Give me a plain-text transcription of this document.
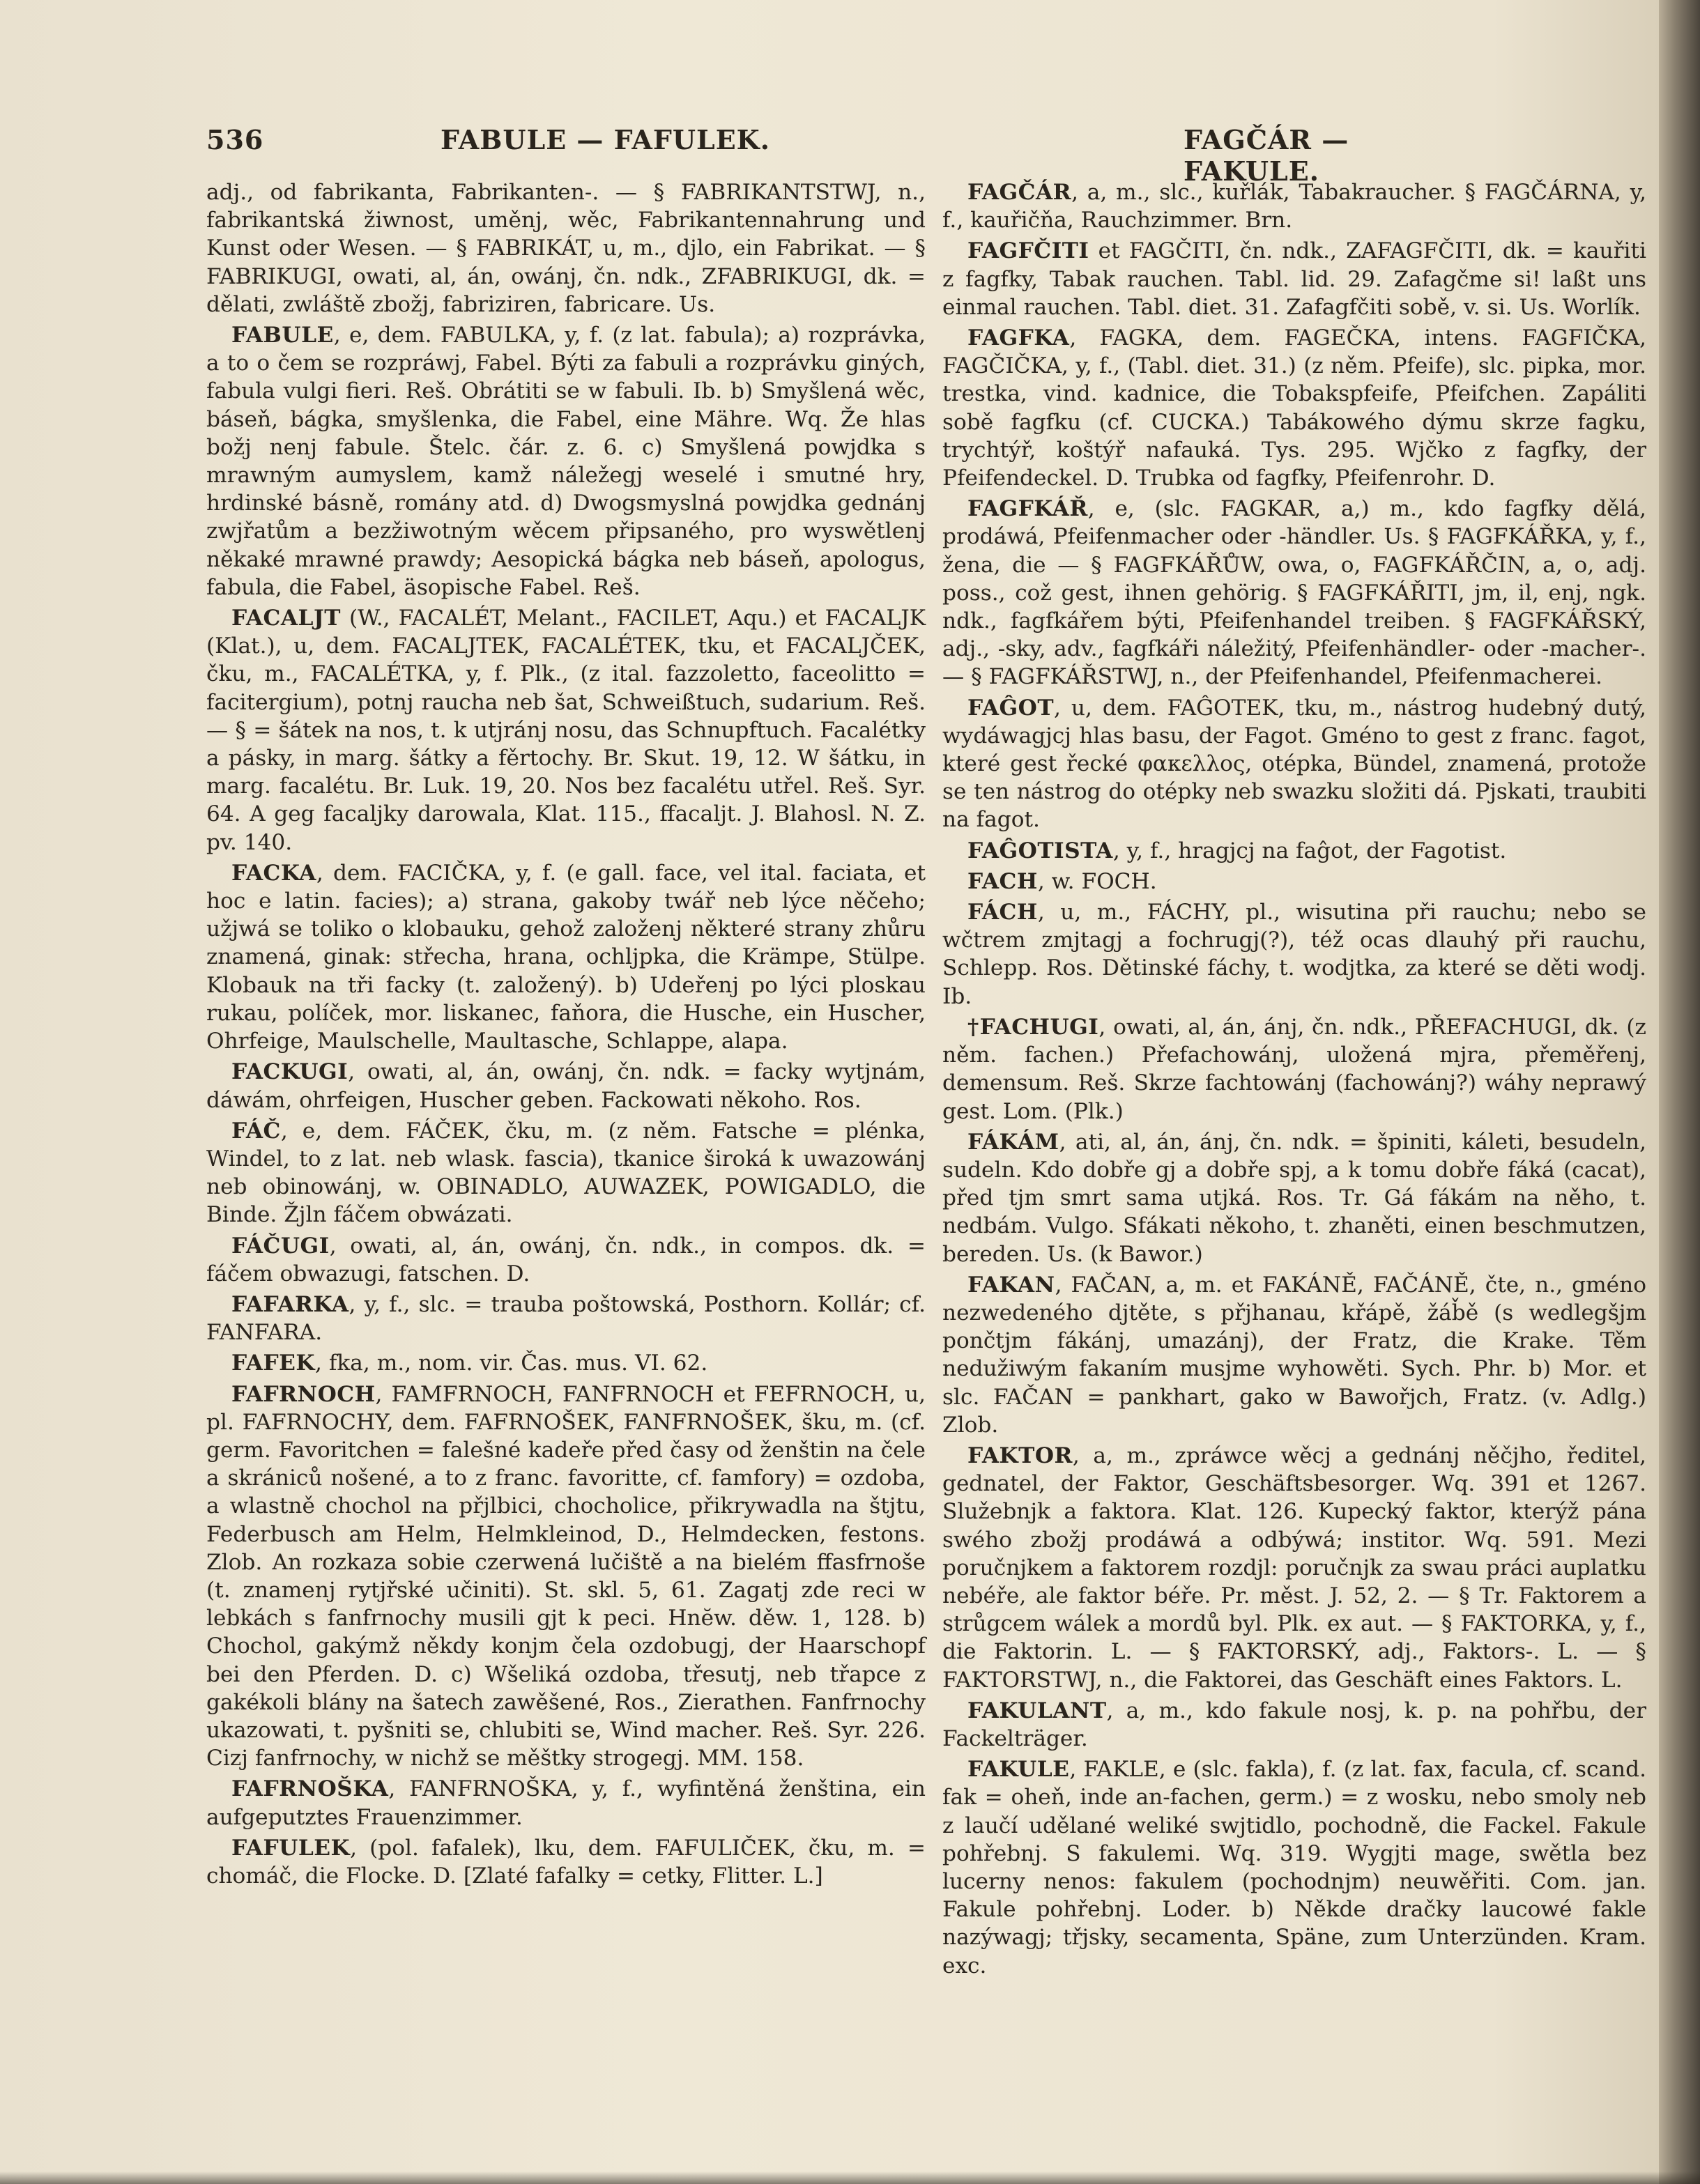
536	FABULE — FAFULEK.	FAGČÁR — FAKULE.

adj., od fabrikanta, Fabrikanten-. — § FABRIKANTSTWJ, n., fabrikantská žiwnost, uměnj, wěc, Fabrikantennahrung und Kunst oder Wesen. — § FABRIKÁT, u, m., djlo, ein Fabrikat. — § FABRIKUGI, owati, al, án, owánj, čn. ndk., ZFABRIKUGI, dk. = dělati, zwláště zbožj, fabriziren, fabricare. Us.

FABULE, e, dem. FABULKA, y, f. (z lat. fabula); a) rozprávka, a to o čem se rozpráwj, Fabel. Býti za fabuli a rozprávku giných, fabula vulgi fieri. Reš. Obrátiti se w fabuli. Ib. b) Smyšlená wěc, báseň, bágka, smyšlenka, die Fabel, eine Mähre. Wq. Že hlas božj nenj fabule. Štelc. čár. z. 6. c) Smyšlená powjdka s mrawným aumyslem, kamž náležegj weselé i smutné hry, hrdinské básně, romány atd. d) Dwogsmyslná powjdka gednánj zwjřatům a bezžiwotným wěcem připsaného, pro wyswětlenj někaké mrawné prawdy; Aesopická bágka neb báseň, apologus, fabula, die Fabel, äsopische Fabel. Reš.

FACALJT (W., FACALÉT, Melant., FACILET, Aqu.) et FACALJK (Klat.), u, dem. FACALJTEK, FACALÉTEK, tku, et FACALJČEK, čku, m., FACALÉTKA, y, f. Plk., (z ital. fazzoletto, faceolitto = facitergium), potnj raucha neb šat, Schweißtuch, sudarium. Reš. — § = šátek na nos, t. k utjránj nosu, das Schnupftuch. Facalétky a pásky, in marg. šátky a fěrtochy. Br. Skut. 19, 12. W šátku, in marg. facalétu. Br. Luk. 19, 20. Nos bez facalétu utřel. Reš. Syr. 64. A geg facaljky darowala, Klat. 115., ffacaljt. J. Blahosl. N. Z. pv. 140.

FACKA, dem. FACIČKA, y, f. (e gall. face, vel ital. faciata, et hoc e latin. facies); a) strana, gakoby twář neb lýce něčeho; užjwá se toliko o klobauku, gehož založenj některé strany zhůru znamená, ginak: střecha, hrana, ochljpka, die Krämpe, Stülpe. Klobauk na tři facky (t. založený). b) Udeřenj po lýci ploskau rukau, políček, mor. liskanec, faňora, die Husche, ein Huscher, Ohrfeige, Maulschelle, Maultasche, Schlappe, alapa.

FACKUGI, owati, al, án, owánj, čn. ndk. = facky wytjnám, dáwám, ohrfeigen, Huscher geben. Fackowati někoho. Ros.

FÁČ, e, dem. FÁČEK, čku, m. (z něm. Fatsche = plénka, Windel, to z lat. neb wlask. fascia), tkanice široká k uwazowánj neb obinowánj, w. OBINADLO, AUWAZEK, POWIGADLO, die Binde. Žjln fáčem obwázati.

FÁČUGI, owati, al, án, owánj, čn. ndk., in compos. dk. = fáčem obwazugi, fatschen. D.

FAFARKA, y, f., slc. = trauba poštowská, Posthorn. Kollár; cf. FANFARA.

FAFEK, fka, m., nom. vir. Čas. mus. VI. 62.

FAFRNOCH, FAMFRNOCH, FANFRNOCH et FEFRNOCH, u, pl. FAFRNOCHY, dem. FAFRNOŠEK, FANFRNOŠEK, šku, m. (cf. germ. Favoritchen = falešné kadeře před časy od ženštin na čele a skrániců nošené, a to z franc. favoritte, cf. famfory) = ozdoba, a wlastně chochol na přjlbici, chocholice, přikrywadla na štjtu, Federbusch am Helm, Helmkleinod, D., Helmdecken, festons. Zlob. An rozkaza sobie czerwená lučiště a na bielém ffasfrnoše (t. znamenj rytjřské učiniti). St. skl. 5, 61. Zagatj zde reci w lebkách s fanfrnochy musili gjt k peci. Hnĕw. děw. 1, 128. b) Chochol, gakýmž někdy konjm čela ozdobugj, der Haarschopf bei den Pferden. D. c) Wšeliká ozdoba, třesutj, neb třapce z gakékoli blány na šatech zawěšené, Ros., Zierathen. Fanfrnochy ukazowati, t. pyšniti se, chlubiti se, Wind macher. Reš. Syr. 226. Cizj fanfrnochy, w nichž se měštky strogegj. MM. 158.

FAFRNOŠKA, FANFRNOŠKA, y, f., wyfintěná ženština, ein aufgeputztes Frauenzimmer.

FAFULEK, (pol. fafalek), lku, dem. FAFULIČEK, čku, m. = chomáč, die Flocke. D. [Zlaté fafalky = cetky, Flitter. L.]

FAGČÁR, a, m., slc., kuřlák, Tabakraucher. § FAGČÁRNA, y, f., kauřičňa, Rauchzimmer. Brn.

FAGFČITI et FAGČITI, čn. ndk., ZAFAGFČITI, dk. = kauřiti z fagfky, Tabak rauchen. Tabl. lid. 29. Zafagčme si! laßt uns einmal rauchen. Tabl. diet. 31. Zafagfčiti sobě, v. si. Us. Worlík.

FAGFKA, FAGKA, dem. FAGEČKA, intens. FAGFIČKA, FAGČIČKA, y, f., (Tabl. diet. 31.) (z něm. Pfeife), slc. pipka, mor. trestka, vind. kadnice, die Tobakspfeife, Pfeifchen. Zapáliti sobě fagfku (cf. CUCKA.) Tabákowého dýmu skrze fagku, trychtýř, koštýř nafauká. Tys. 295. Wjčko z fagfky, der Pfeifendeckel. D. Trubka od fagfky, Pfeifenrohr. D.

FAGFKÁŘ, e, (slc. FAGKAR, a,) m., kdo fagfky dělá, prodáwá, Pfeifenmacher oder -händler. Us. § FAGFKÁŘKA, y, f., žena, die — § FAGFKÁŘŮW, owa, o, FAGFKÁŘČIN, a, o, adj. poss., což gest, ihnen gehörig. § FAGFKÁŘITI, jm, il, enj, ngk. ndk., fagfkářem býti, Pfeifenhandel treiben. § FAGFKÁŘSKÝ, adj., -sky, adv., fagfkáři náležitý, Pfeifenhändler- oder -macher-. — § FAGFKÁŘSTWJ, n., der Pfeifenhandel, Pfeifenmacherei.

FAĜOT, u, dem. FAĜOTEK, tku, m., nástrog hudebný dutý, wydáwagjcj hlas basu, der Fagot. Gméno to gest z franc. fagot, které gest řecké φακελλος, otépka, Bündel, znamená, protože se ten nástrog do otépky neb swazku složiti dá. Pjskati, traubiti na fagot.

FAĜOTISTA, y, f., hragjcj na faĝot, der Fagotist.

FACH, w. FOCH.

FÁCH, u, m., FÁCHY, pl., wisutina při rauchu; nebo se wčtrem zmjtagj a fochrugj(?), též ocas dlauhý při rauchu, Schlepp. Ros. Dětinské fáchy, t. wodjtka, za které se děti wodj. Ib.

†FACHUGI, owati, al, án, ánj, čn. ndk., PŘEFACHUGI, dk. (z něm. fachen.) Přefachowánj, uložená mjra, přeměřenj, demensum. Reš. Skrze fachtowánj (fachowánj?) wáhy neprawý gest. Lom. (Plk.)

FÁKÁM, ati, al, án, ánj, čn. ndk. = špiniti, káleti, besudeln, sudeln. Kdo dobře gj a dobře spj, a k tomu dobře fáká (cacat), před tjm smrt sama utjká. Ros. Tr. Gá fákám na něho, t. nedbám. Vulgo. Sfákati někoho, t. zhaněti, einen beschmutzen, bereden. Us. (k Bawor.)

FAKAN, FAČAN, a, m. et FAKÁNĚ, FAČÁNĚ, čte, n., gméno nezwedeného djtěte, s přjhanau, křápě, žáb̌ě (s wedlegšjm pončtjm fákánj, umazánj), der Fratz, die Krake. Těm nedužiwým fakaním musjme wyhowěti. Sych. Phr. b) Mor. et slc. FAČAN = pankhart, gako w Bawořjch, Fratz. (v. Adlg.) Zlob.

FAKTOR, a, m., zpráwce wěcj a gednánj něčjho, ředitel, gednatel, der Faktor, Geschäftsbesorger. Wq. 391 et 1267. Služebnjk a faktora. Klat. 126. Kupecký faktor, kterýž pána swého zbožj prodáwá a odbýwá; institor. Wq. 591. Mezi poručnjkem a faktorem rozdjl: poručnjk za swau práci auplatku nebéře, ale faktor béře. Pr. měst. J. 52, 2. — § Tr. Faktorem a strůgcem wálek a mordů byl. Plk. ex aut. — § FAKTORKA, y, f., die Faktorin. L. — § FAKTORSKÝ, adj., Faktors-. L. — § FAKTORSTWJ, n., die Faktorei, das Geschäft eines Faktors. L.

FAKULANT, a, m., kdo fakule nosj, k. p. na pohřbu, der Fackelträger.

FAKULE, FAKLE, e (slc. fakla), f. (z lat. fax, facula, cf. scand. fak = oheň, inde an-fachen, germ.) = z wosku, nebo smoly neb z laučí udělané weliké swjtidlo, pochodně, die Fackel. Fakule pohřebnj. S fakulemi. Wq. 319. Wygjti mage, swětla bez lucerny nenos: fakulem (pochodnjm) neuwěřiti. Com. jan. Fakule pohřebnj. Loder. b) Někde dračky laucowé fakle nazýwagj; třjsky, secamenta, Späne, zum Unterzünden. Kram. exc.
